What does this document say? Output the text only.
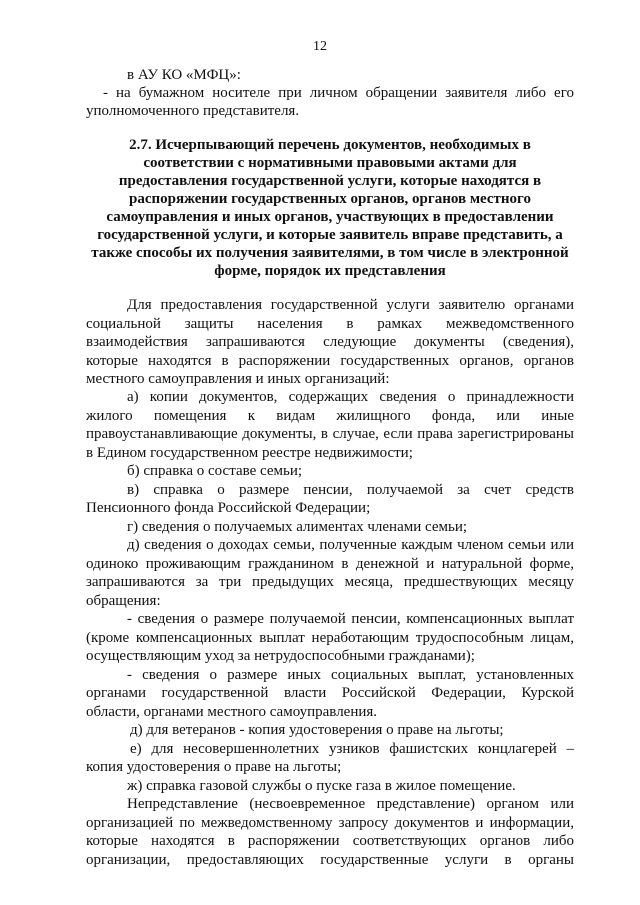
12
в АУ КО «МФЦ»:
- на бумажном носителе при личном обращении заявителя либо его
уполномоченного представителя.
2.7. Исчерпывающий перечень документов, необходимых в
соответствии с нормативными правовыми актами для
предоставления государственной услуги, которые находятся в
распоряжении государственных органов, органов местного
самоуправления и иных органов, участвующих в предоставлении
государственной услуги, и которые заявитель вправе представить, а
также способы их получения заявителями, в том числе в электронной
форме, порядок их представления
Для предоставления государственной услуги заявителю органами
социальной защиты населения в рамках межведомственного
взаимодействия запрашиваются следующие документы (сведения),
которые находятся в распоряжении государственных органов, органов
местного самоуправления и иных организаций:
а) копии документов, содержащих сведения о принадлежности
жилого помещения к видам жилищного фонда, или иные
правоустанавливающие документы, в случае, если права зарегистрированы
в Едином государственном реестре недвижимости;
б) справка о составе семьи;
в) справка о размере пенсии, получаемой за счет средств
Пенсионного фонда Российской Федерации;
г) сведения о получаемых алиментах членами семьи;
д) сведения о доходах семьи, полученные каждым членом семьи или
одиноко проживающим гражданином в денежной и натуральной форме,
запрашиваются за три предыдущих месяца, предшествующих месяцу
обращения:
- сведения о размере получаемой пенсии, компенсационных выплат
(кроме компенсационных выплат неработающим трудоспособным лицам,
осуществляющим уход за нетрудоспособными гражданами);
- сведения о размере иных социальных выплат, установленных
органами государственной власти Российской Федерации, Курской
области, органами местного самоуправления.
д) для ветеранов - копия удостоверения о праве на льготы;
е) для несовершеннолетних узников фашистских концлагерей –
копия удостоверения о праве на льготы;
ж) справка газовой службы о пуске газа в жилое помещение.
Непредставление (несвоевременное представление) органом или
организацией по межведомственному запросу документов и информации,
которые находятся в распоряжении соответствующих органов либо
организации, предоставляющих государственные услуги в органы
